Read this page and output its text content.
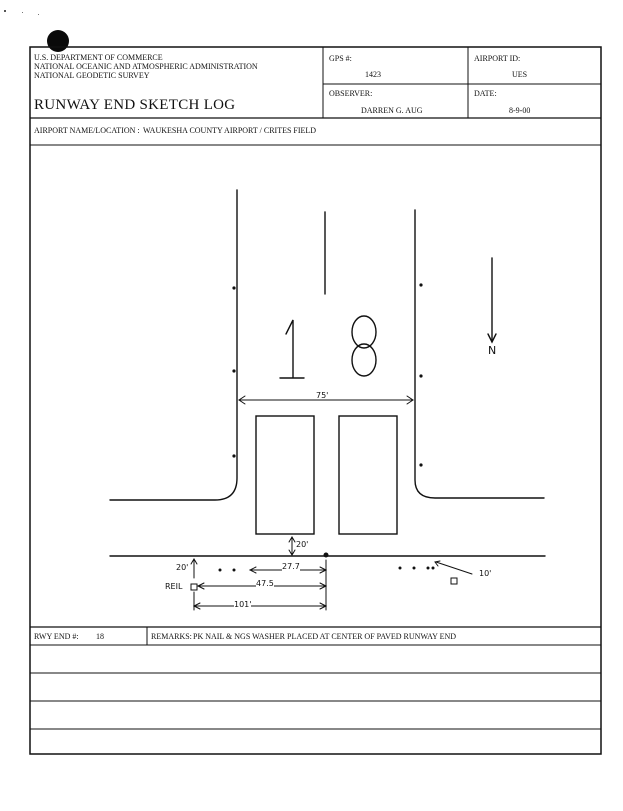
U.S. DEPARTMENT OF COMMERCE
NATIONAL OCEANIC AND ATMOSPHERIC ADMINISTRATION
NATIONAL GEODETIC SURVEY
RUNWAY END SKETCH LOG
GPS #:
1423
AIRPORT ID:
UES
OBSERVER:
DARREN G. AUG
DATE:
8-9-00
AIRPORT NAME/LOCATION : WAUKESHA COUNTY AIRPORT / CRITES FIELD
N
75'
20'
20'	27.7
47.5
101'
REIL
10'
RWY END #: 18	REMARKS: PK NAIL & NGS WASHER PLACED AT CENTER OF PAVED RUNWAY END
